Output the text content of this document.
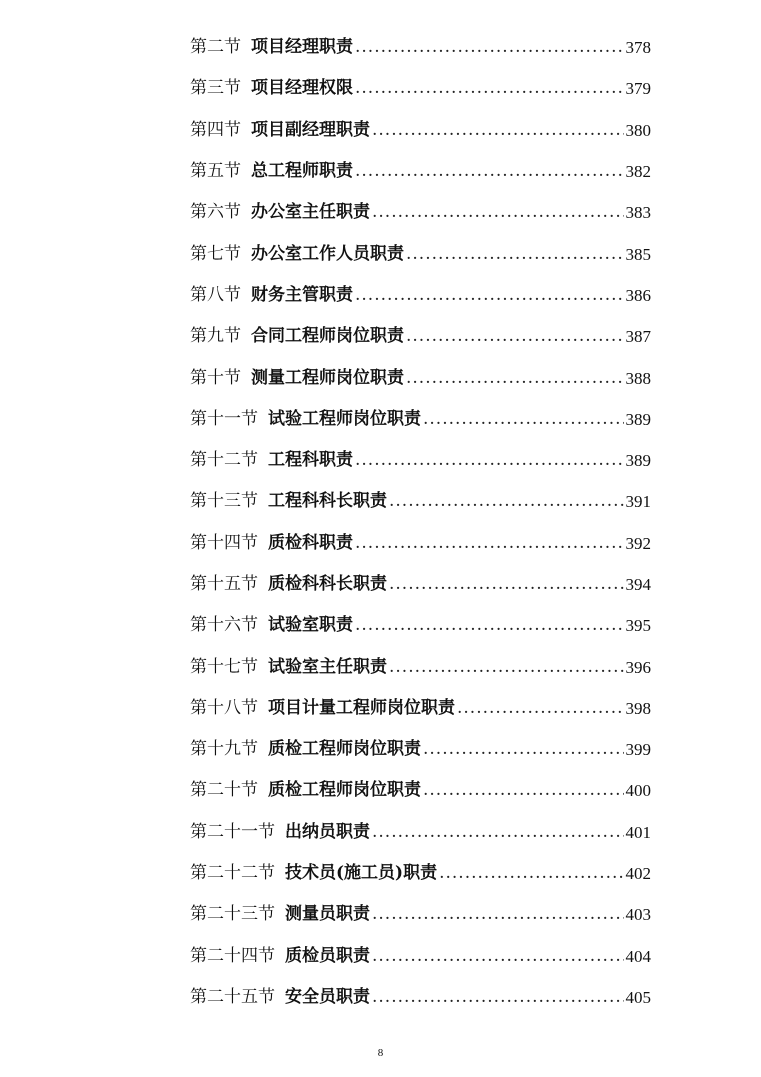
第二节 项目经理职责 .....	378
第三节 项目经理权限 .....	379
第四节 项目副经理职责 .....	380
第五节 总工程师职责 .....	382
第六节 办公室主任职责 .....	383
第七节 办公室工作人员职责 .....	385
第八节 财务主管职责 .....	386
第九节 合同工程师岗位职责 .....	387
第十节 测量工程师岗位职责 .....	388
第十一节 试验工程师岗位职责 .....	389
第十二节 工程科职责 .....	389
第十三节 工程科科长职责 .....	391
第十四节 质检科职责 .....	392
第十五节 质检科科长职责 .....	394
第十六节 试验室职责 .....	395
第十七节 试验室主任职责 .....	396
第十八节 项目计量工程师岗位职责 .....	398
第十九节 质检工程师岗位职责 .....	399
第二十节 质检工程师岗位职责 .....	400
第二十一节 出纳员职责 .....	401
第二十二节 技术员(施工员)职责 .....	402
第二十三节 测量员职责 .....	403
第二十四节 质检员职责 .....	404
第二十五节 安全员职责 .....	405
8
